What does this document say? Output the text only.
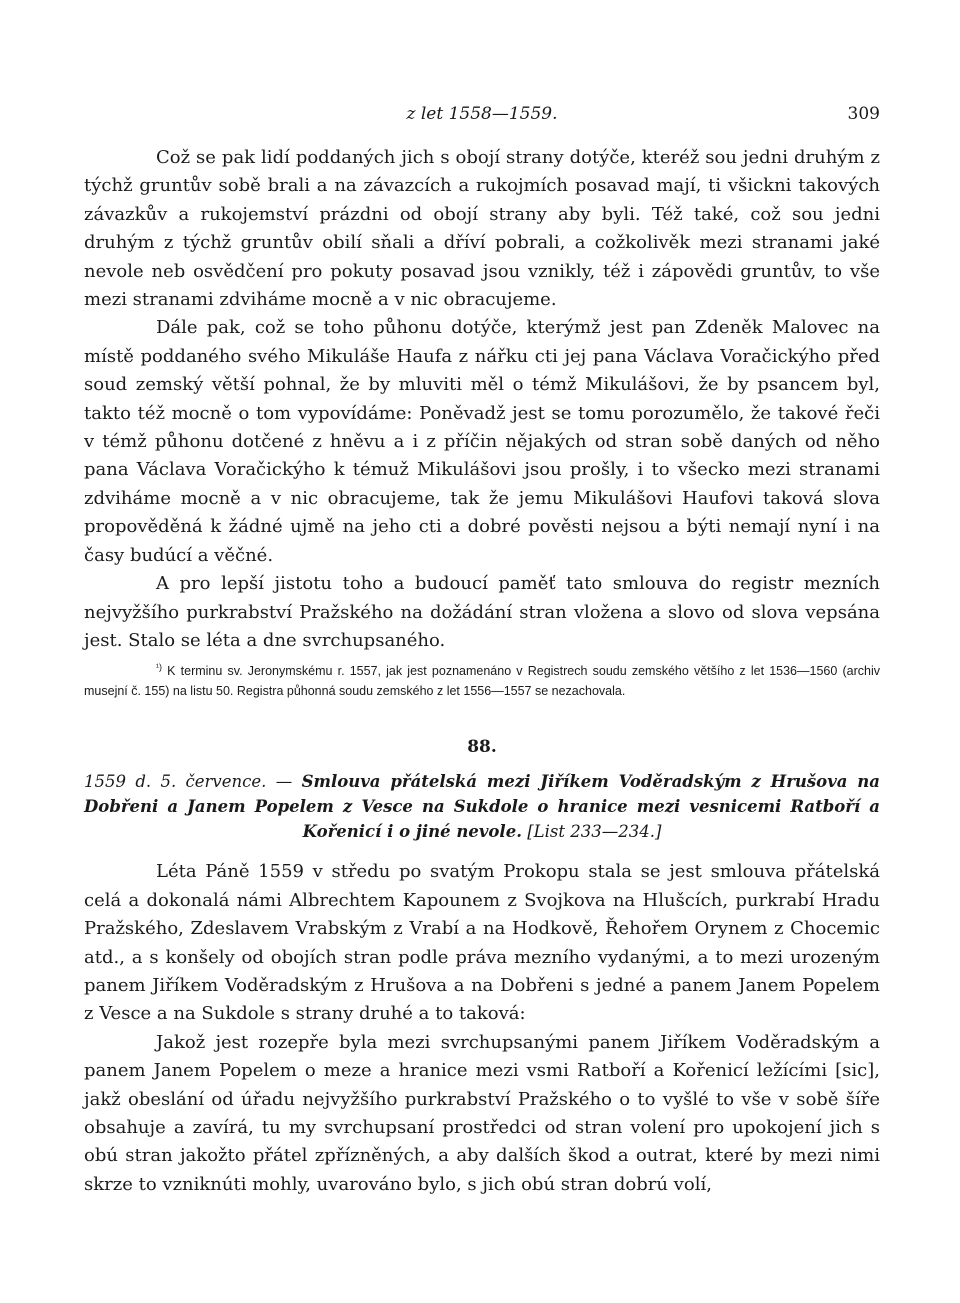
z let 1558—1559.	309

Což se pak lidí poddaných jich s obojí strany dotýče, kteréž sou jedni druhým z týchž gruntův sobě brali a na závazcích a rukojmích posavad mají, ti všickni takových závazkův a rukojemství prázdni od obojí strany aby byli. Též také, což sou jedni druhým z týchž gruntův obilí sňali a dříví pobrali, a cožkolivěk mezi stranami jaké nevole neb osvědčení pro pokuty posavad jsou vznikly, též i zápovědi gruntův, to vše mezi stranami zdviháme mocně a v nic obracujeme.

Dále pak, což se toho půhonu dotýče, kterýmž jest pan Zdeněk Malovec na místě poddaného svého Mikuláše Haufa z nářku cti jej pana Václava Voračickýho před soud zemský větší pohnal, že by mluviti měl o témž Mikulášovi, že by psancem byl, takto též mocně o tom vypovídáme: Poněvadž jest se tomu porozumělo, že takové řeči v témž půhonu dotčené z hněvu a i z příčin nějakých od stran sobě daných od něho pana Václava Voračickýho k témuž Mikulášovi jsou prošly, i to všecko mezi stranami zdviháme mocně a v nic obracujeme, tak že jemu Mikulášovi Haufovi taková slova propověděná k žádné ujmě na jeho cti a dobré pověsti nejsou a býti nemají nyní i na časy budúcí a věčné.

A pro lepší jistotu toho a budoucí paměť tato smlouva do registr mezních nejvyžšího purkrabství Pražského na dožádání stran vložena a slovo od slova vepsána jest. Stalo se léta a dne svrchupsaného.

$^{^1)}$ K terminu sv. Jeronymskému r. 1557, jak jest poznamenáno v Registrech soudu zemského většího z let 1536—1560 (archiv musejní č. 155) na listu 50. Registra půhonná soudu zemského z let 1556—1557 se nezachovala.
88.
1559 d. 5. července. — Smlouva přátelská mezi Jiříkem Voděradským z Hrušova na Dobřeni a Janem Popelem z Vesce na Sukdole o hranice mezi vesnicemi Ratboří a Kořenicí i o jiné nevole. [List 233—234.]

Léta Páně 1559 v středu po svatým Prokopu stala se jest smlouva přátelská celá a dokonalá námi Albrechtem Kapounem z Svojkova na Hlušcích, purkrabí Hradu Pražského, Zdeslavem Vrabským z Vrabí a na Hodkově, Řehořem Orynem z Chocemic atd., a s konšely od obojích stran podle práva mezního vydanými, a to mezi urozeným panem Jiříkem Voděradským z Hrušova a na Dobřeni s jedné a panem Janem Popelem z Vesce a na Sukdole s strany druhé a to taková:

Jakož jest rozepře byla mezi svrchupsanými panem Jiříkem Voděradským a panem Janem Popelem o meze a hranice mezi vsmi Ratboří a Kořenicí ležícími [sic], jakž obeslání od úřadu nejvyžšího purkrabství Pražského o to vyšlé to vše v sobě šíře obsahuje a zavírá, tu my svrchupsaní prostředci od stran volení pro upokojení jich s obú stran jakožto přátel zpřízněných, a aby dalších škod a outrat, které by mezi nimi skrze to vzniknúti mohly, uvarováno bylo, s jich obú stran dobrú volí,
